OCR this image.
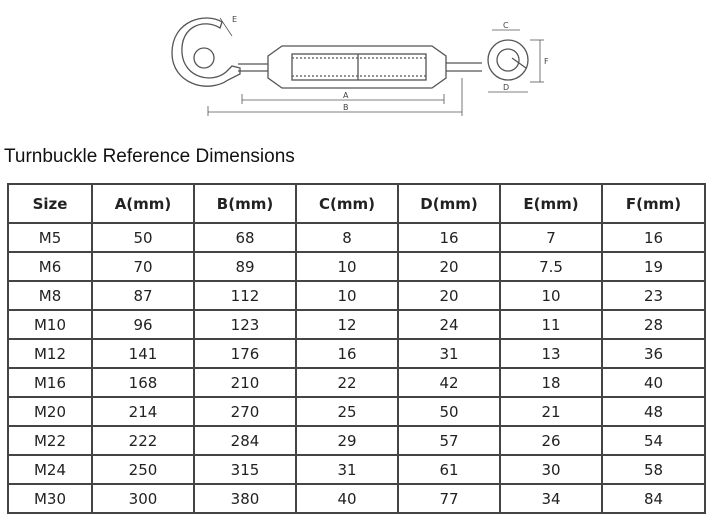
A
B
C
D
E
F
Turnbuckle Reference Dimensions
Size	A(mm)	B(mm)	C(mm)	D(mm)	E(mm)	F(mm)
M5	50	68	8	16	7	16
M6	70	89	10	20	7.5	19
M8	87	112	10	20	10	23
M10	96	123	12	24	11	28
M12	141	176	16	31	13	36
M16	168	210	22	42	18	40
M20	214	270	25	50	21	48
M22	222	284	29	57	26	54
M24	250	315	31	61	30	58
M30	300	380	40	77	34	84
